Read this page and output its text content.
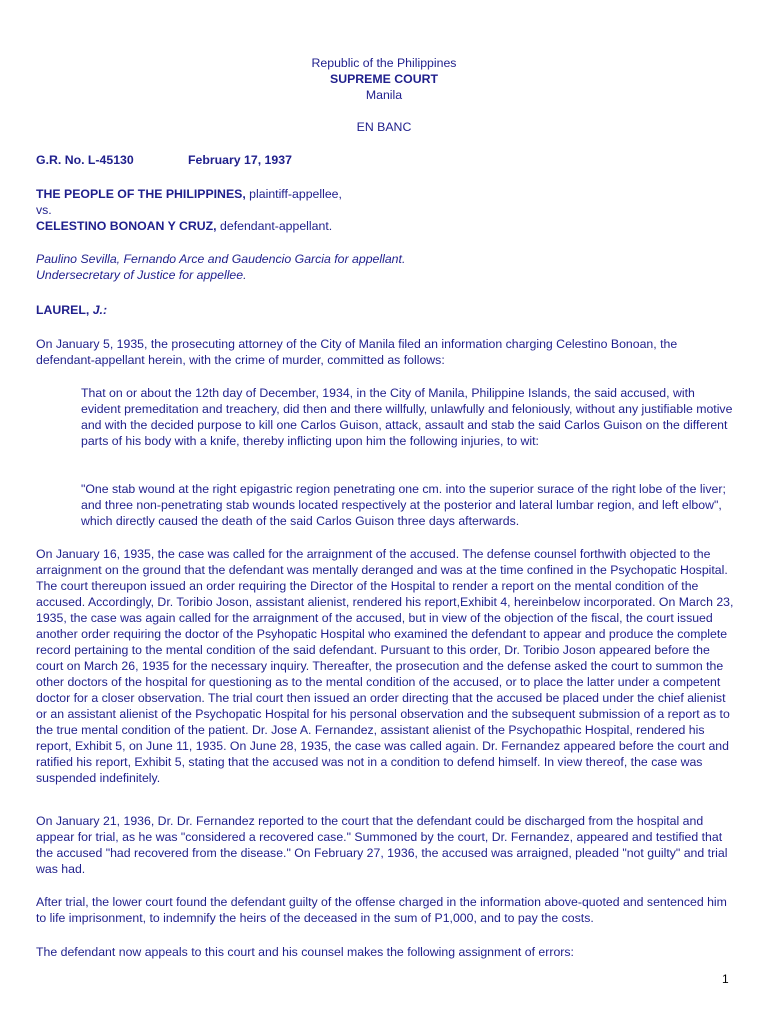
Republic of the Philippines
SUPREME COURT
Manila
EN BANC
G.R. No. L-45130	February 17, 1937
THE PEOPLE OF THE PHILIPPINES, plaintiff-appellee,
vs.
CELESTINO BONOAN Y CRUZ, defendant-appellant.
Paulino Sevilla, Fernando Arce and Gaudencio Garcia for appellant.
Undersecretary of Justice for appellee.
LAUREL, J.:

On January 5, 1935, the prosecuting attorney of the City of Manila filed an information charging Celestino Bonoan, the defendant-appellant herein, with the crime of murder, committed as follows:

That on or about the 12th day of December, 1934, in the City of Manila, Philippine Islands, the said accused, with evident premeditation and treachery, did then and there willfully, unlawfully and feloniously, without any justifiable motive and with the decided purpose to kill one Carlos Guison, attack, assault and stab the said Carlos Guison on the different parts of his body with a knife, thereby inflicting upon him the following injuries, to wit:

"One stab wound at the right epigastric region penetrating one cm. into the superior surace of the right lobe of the liver; and three non-penetrating stab wounds located respectively at the posterior and lateral lumbar region, and left elbow", which directly caused the death of the said Carlos Guison three days afterwards.

On January 16, 1935, the case was called for the arraignment of the accused. The defense counsel forthwith objected to the arraignment on the ground that the defendant was mentally deranged and was at the time confined in the Psychopatic Hospital. The court thereupon issued an order requiring the Director of the Hospital to render a report on the mental condition of the accused. Accordingly, Dr. Toribio Joson, assistant alienist, rendered his report,Exhibit 4, hereinbelow incorporated. On March 23, 1935, the case was again called for the arraignment of the accused, but in view of the objection of the fiscal, the court issued another order requiring the doctor of the Psyhopatic Hospital who examined the defendant to appear and produce the complete record pertaining to the mental condition of the said defendant. Pursuant to this order, Dr. Toribio Joson appeared before the court on March 26, 1935 for the necessary inquiry. Thereafter, the prosecution and the defense asked the court to summon the other doctors of the hospital for questioning as to the mental condition of the accused, or to place the latter under a competent doctor for a closer observation. The trial court then issued an order directing that the accused be placed under the chief alienist or an assistant alienist of the Psychopatic Hospital for his personal observation and the subsequent submission of a report as to the true mental condition of the patient. Dr. Jose A. Fernandez, assistant alienist of the Psychopathic Hospital, rendered his report, Exhibit 5, on June 11, 1935. On June 28, 1935, the case was called again. Dr. Fernandez appeared before the court and ratified his report, Exhibit 5, stating that the accused was not in a condition to defend himself. In view thereof, the case was suspended indefinitely.

On January 21, 1936, Dr. Dr. Fernandez reported to the court that the defendant could be discharged from the hospital and appear for trial, as he was "considered a recovered case." Summoned by the court, Dr. Fernandez, appeared and testified that the accused "had recovered from the disease." On February 27, 1936, the accused was arraigned, pleaded "not guilty" and trial was had.

After trial, the lower court found the defendant guilty of the offense charged in the information above-quoted and sentenced him to life imprisonment, to indemnify the heirs of the deceased in the sum of P1,000, and to pay the costs.

The defendant now appeals to this court and his counsel makes the following assignment of errors:

1
